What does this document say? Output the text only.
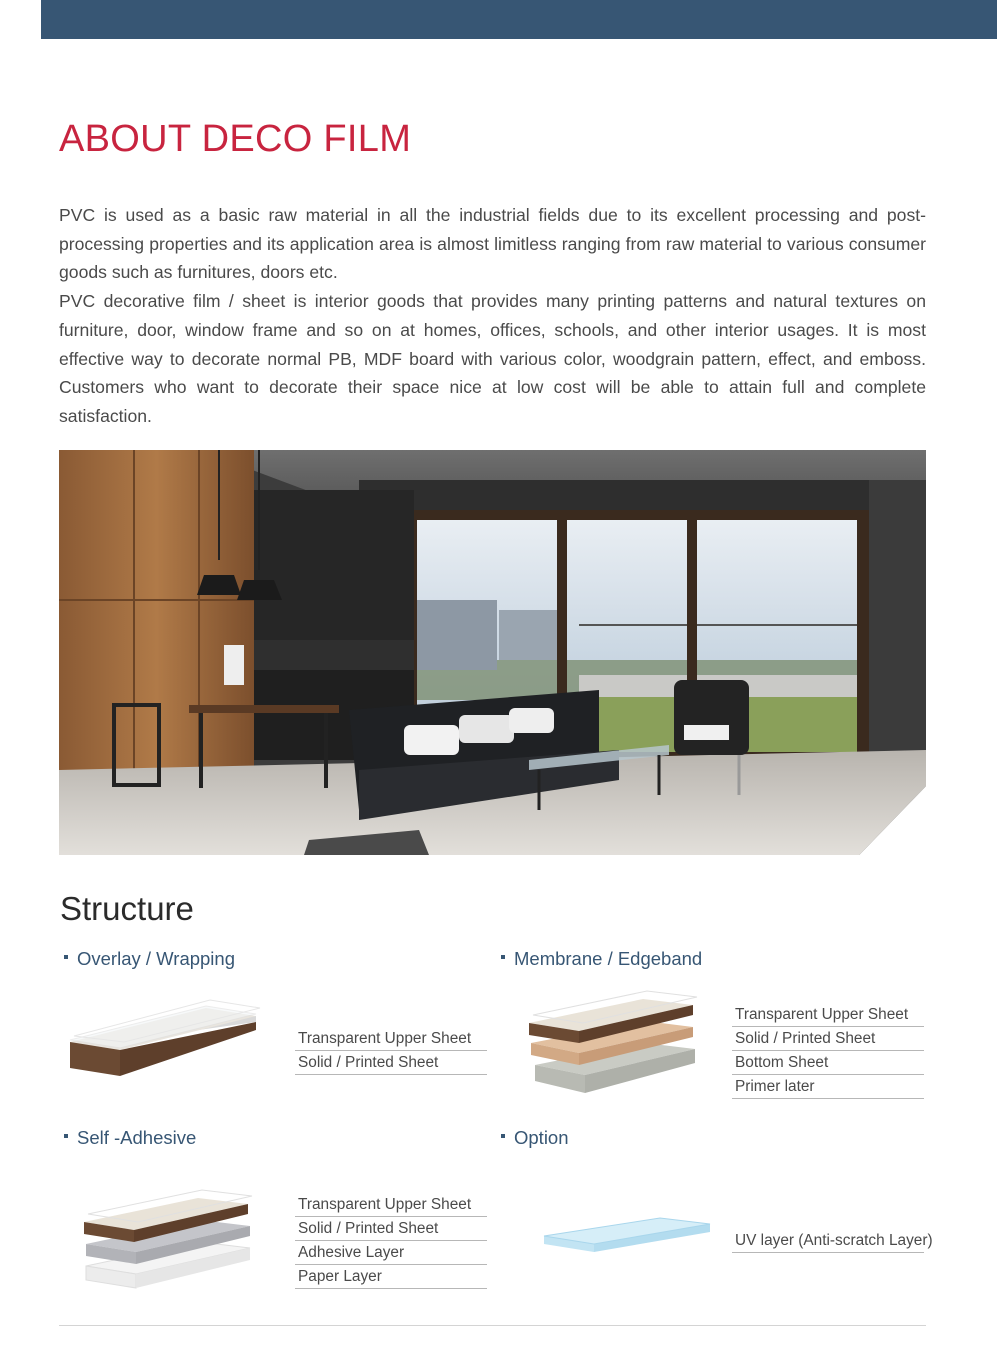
ABOUT DECO FILM

PVC is used as a basic raw material in all the industrial fields due to its excellent processing and post-processing properties and its application area is almost limitless ranging from raw material to various consumer goods such as furnitures, doors etc.

PVC decorative film / sheet is interior goods that provides many printing patterns and natural textures on furniture, door, window frame and so on at homes, offices, schools, and other interior usages. It is most effective way to decorate normal PB, MDF board with various color, woodgrain pattern, effect, and emboss. Customers who want to decorate their space nice at low cost will be able to attain full and complete satisfaction.

Structure
Overlay / Wrapping
Transparent Upper Sheet
Solid / Printed Sheet
Membrane / Edgeband
Transparent Upper Sheet
Solid / Printed Sheet
Bottom Sheet
Primer later
Self -Adhesive
Transparent Upper Sheet
Solid / Printed Sheet
Adhesive Layer
Paper Layer
Option
UV layer (Anti-scratch Layer)
